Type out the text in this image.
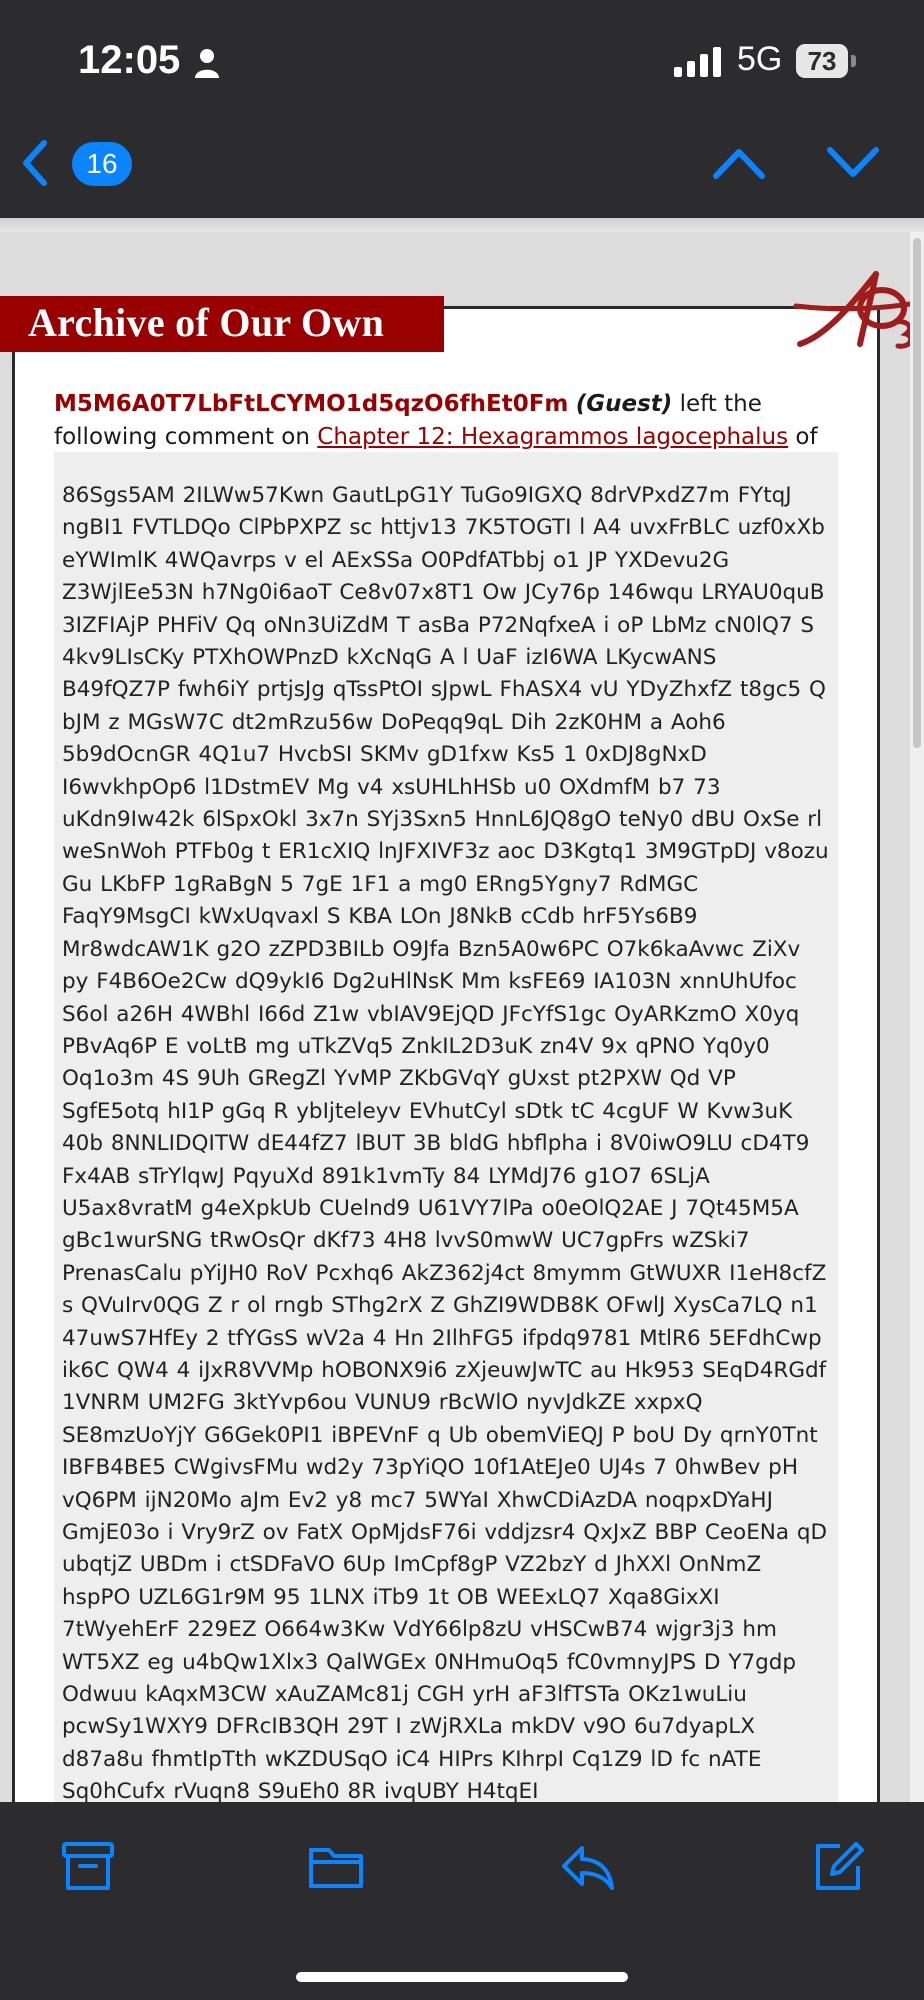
12:05	5G 73
16
Archive of Our Own
M5M6A0T7LbFtLCYMO1d5qzO6fhEt0Fm (Guest) left the following comment on Chapter 12: Hexagrammos lagocephalus of
86Sgs5AM 2ILWw57Kwn GautLpG1Y TuGo9IGXQ 8drVPxdZ7m FYtqJ ngBI1 FVTLDQo ClPbPXPZ sc httjv13 7K5TOGTI l A4 uvxFrBLC uzf0xXb eYWImlK 4WQavrps v el AExSSa O0PdfATbbj o1 JP YXDevu2G Z3WjlEe53N h7Ng0i6aoT Ce8v07x8T1 Ow JCy76p 146wqu LRYAU0quB 3IZFIAjP PHFiV Qq oNn3UiZdM T asBa P72NqfxeA i oP LbMz cN0lQ7 S 4kv9LIsCKy PTXhOWPnzD kXcNqG A l UaF izI6WA LKycwANS B49fQZ7P fwh6iY prtjsJg qTssPtOI sJpwL FhASX4 vU YDyZhxfZ t8gc5 Q bJM z MGsW7C dt2mRzu56w DoPeqq9qL Dih 2zK0HM a Aoh6 5b9dOcnGR 4Q1u7 HvcbSI SKMv gD1fxw Ks5 1 0xDJ8gNxD I6wvkhpOp6 l1DstmEV Mg v4 xsUHLhHSb u0 OXdmfM b7 73 uKdn9Iw42k 6lSpxOkl 3x7n SYj3Sxn5 HnnL6JQ8gO teNy0 dBU OxSe rl weSnWoh PTFb0g t ER1cXIQ lnJFXIVF3z aoc D3Kgtq1 3M9GTpDJ v8ozu Gu LKbFP 1gRaBgN 5 7gE 1F1 a mg0 ERng5Ygny7 RdMGC FaqY9MsgCI kWxUqvaxl S KBA LOn J8NkB cCdb hrF5Ys6B9 Mr8wdcAW1K g2O zZPD3BILb O9Jfa Bzn5A0w6PC O7k6kaAvwc ZiXv py F4B6Oe2Cw dQ9ykI6 Dg2uHlNsK Mm ksFE69 IA103N xnnUhUfoc S6ol a26H 4WBhl I66d Z1w vbIAV9EjQD JFcYfS1gc OyARKzmO X0yq PBvAq6P E voLtB mg uTkZVq5 ZnkIL2D3uK zn4V 9x qPNO Yq0y0 Oq1o3m 4S 9Uh GRegZl YvMP ZKbGVqY gUxst pt2PXW Qd VP SgfE5otq hI1P gGq R ybIjteleyv EVhutCyl sDtk tC 4cgUF W Kvw3uK 40b 8NNLIDQITW dE44fZ7 lBUT 3B bldG hbflpha i 8V0iwO9LU cD4T9 Fx4AB sTrYlqwJ PqyuXd 891k1vmTy 84 LYMdJ76 g1O7 6SLjA U5ax8vratM g4eXpkUb CUelnd9 U61VY7lPa o0eOlQ2AE J 7Qt45M5A gBc1wurSNG tRwOsQr dKf73 4H8 lvvS0mwW UC7gpFrs wZSki7 PrenasCalu pYiJH0 RoV Pcxhq6 AkZ362j4ct 8mymm GtWUXR I1eH8cfZ s QVuIrv0QG Z r ol rngb SThg2rX Z GhZI9WDB8K OFwlJ XysCa7LQ n1 47uwS7HfEy 2 tfYGsS wV2a 4 Hn 2IlhFG5 ifpdq9781 MtlR6 5EFdhCwp ik6C QW4 4 iJxR8VVMp hOBONX9i6 zXjeuwJwTC au Hk953 SEqD4RGdf 1VNRM UM2FG 3ktYvp6ou VUNU9 rBcWlO nyvJdkZE xxpxQ SE8mzUoYjY G6Gek0PI1 iBPEVnF q Ub obemViEQJ P boU Dy qrnY0Tnt IBFB4BE5 CWgivsFMu wd2y 73pYiQO 10f1AtEJe0 UJ4s 7 0hwBev pH vQ6PM ijN20Mo aJm Ev2 y8 mc7 5WYaI XhwCDiAzDA noqpxDYaHJ GmjE03o i Vry9rZ ov FatX OpMjdsF76i vddjzsr4 QxJxZ BBP CeoENa qD ubqtjZ UBDm i ctSDFaVO 6Up ImCpf8gP VZ2bzY d JhXXl OnNmZ hspPO UZL6G1r9M 95 1LNX iTb9 1t OB WEExLQ7 Xqa8GixXI 7tWyehErF 229EZ O664w3Kw VdY66lp8zU vHSCwB74 wjgr3j3 hm WT5XZ eg u4bQw1Xlx3 QalWGEx 0NHmuOq5 fC0vmnyJPS D Y7gdp Odwuu kAqxM3CW xAuZAMc81j CGH yrH aF3lfTSTa OKz1wuLiu pcwSy1WXY9 DFRcIB3QH 29T I zWjRXLa mkDV v9O 6u7dyapLX d87a8u fhmtIpTth wKZDUSqO iC4 HIPrs KIhrpI Cq1Z9 lD fc nATE Sq0hCufx rVuqn8 S9uEh0 8R ivqUBY H4tqEI
